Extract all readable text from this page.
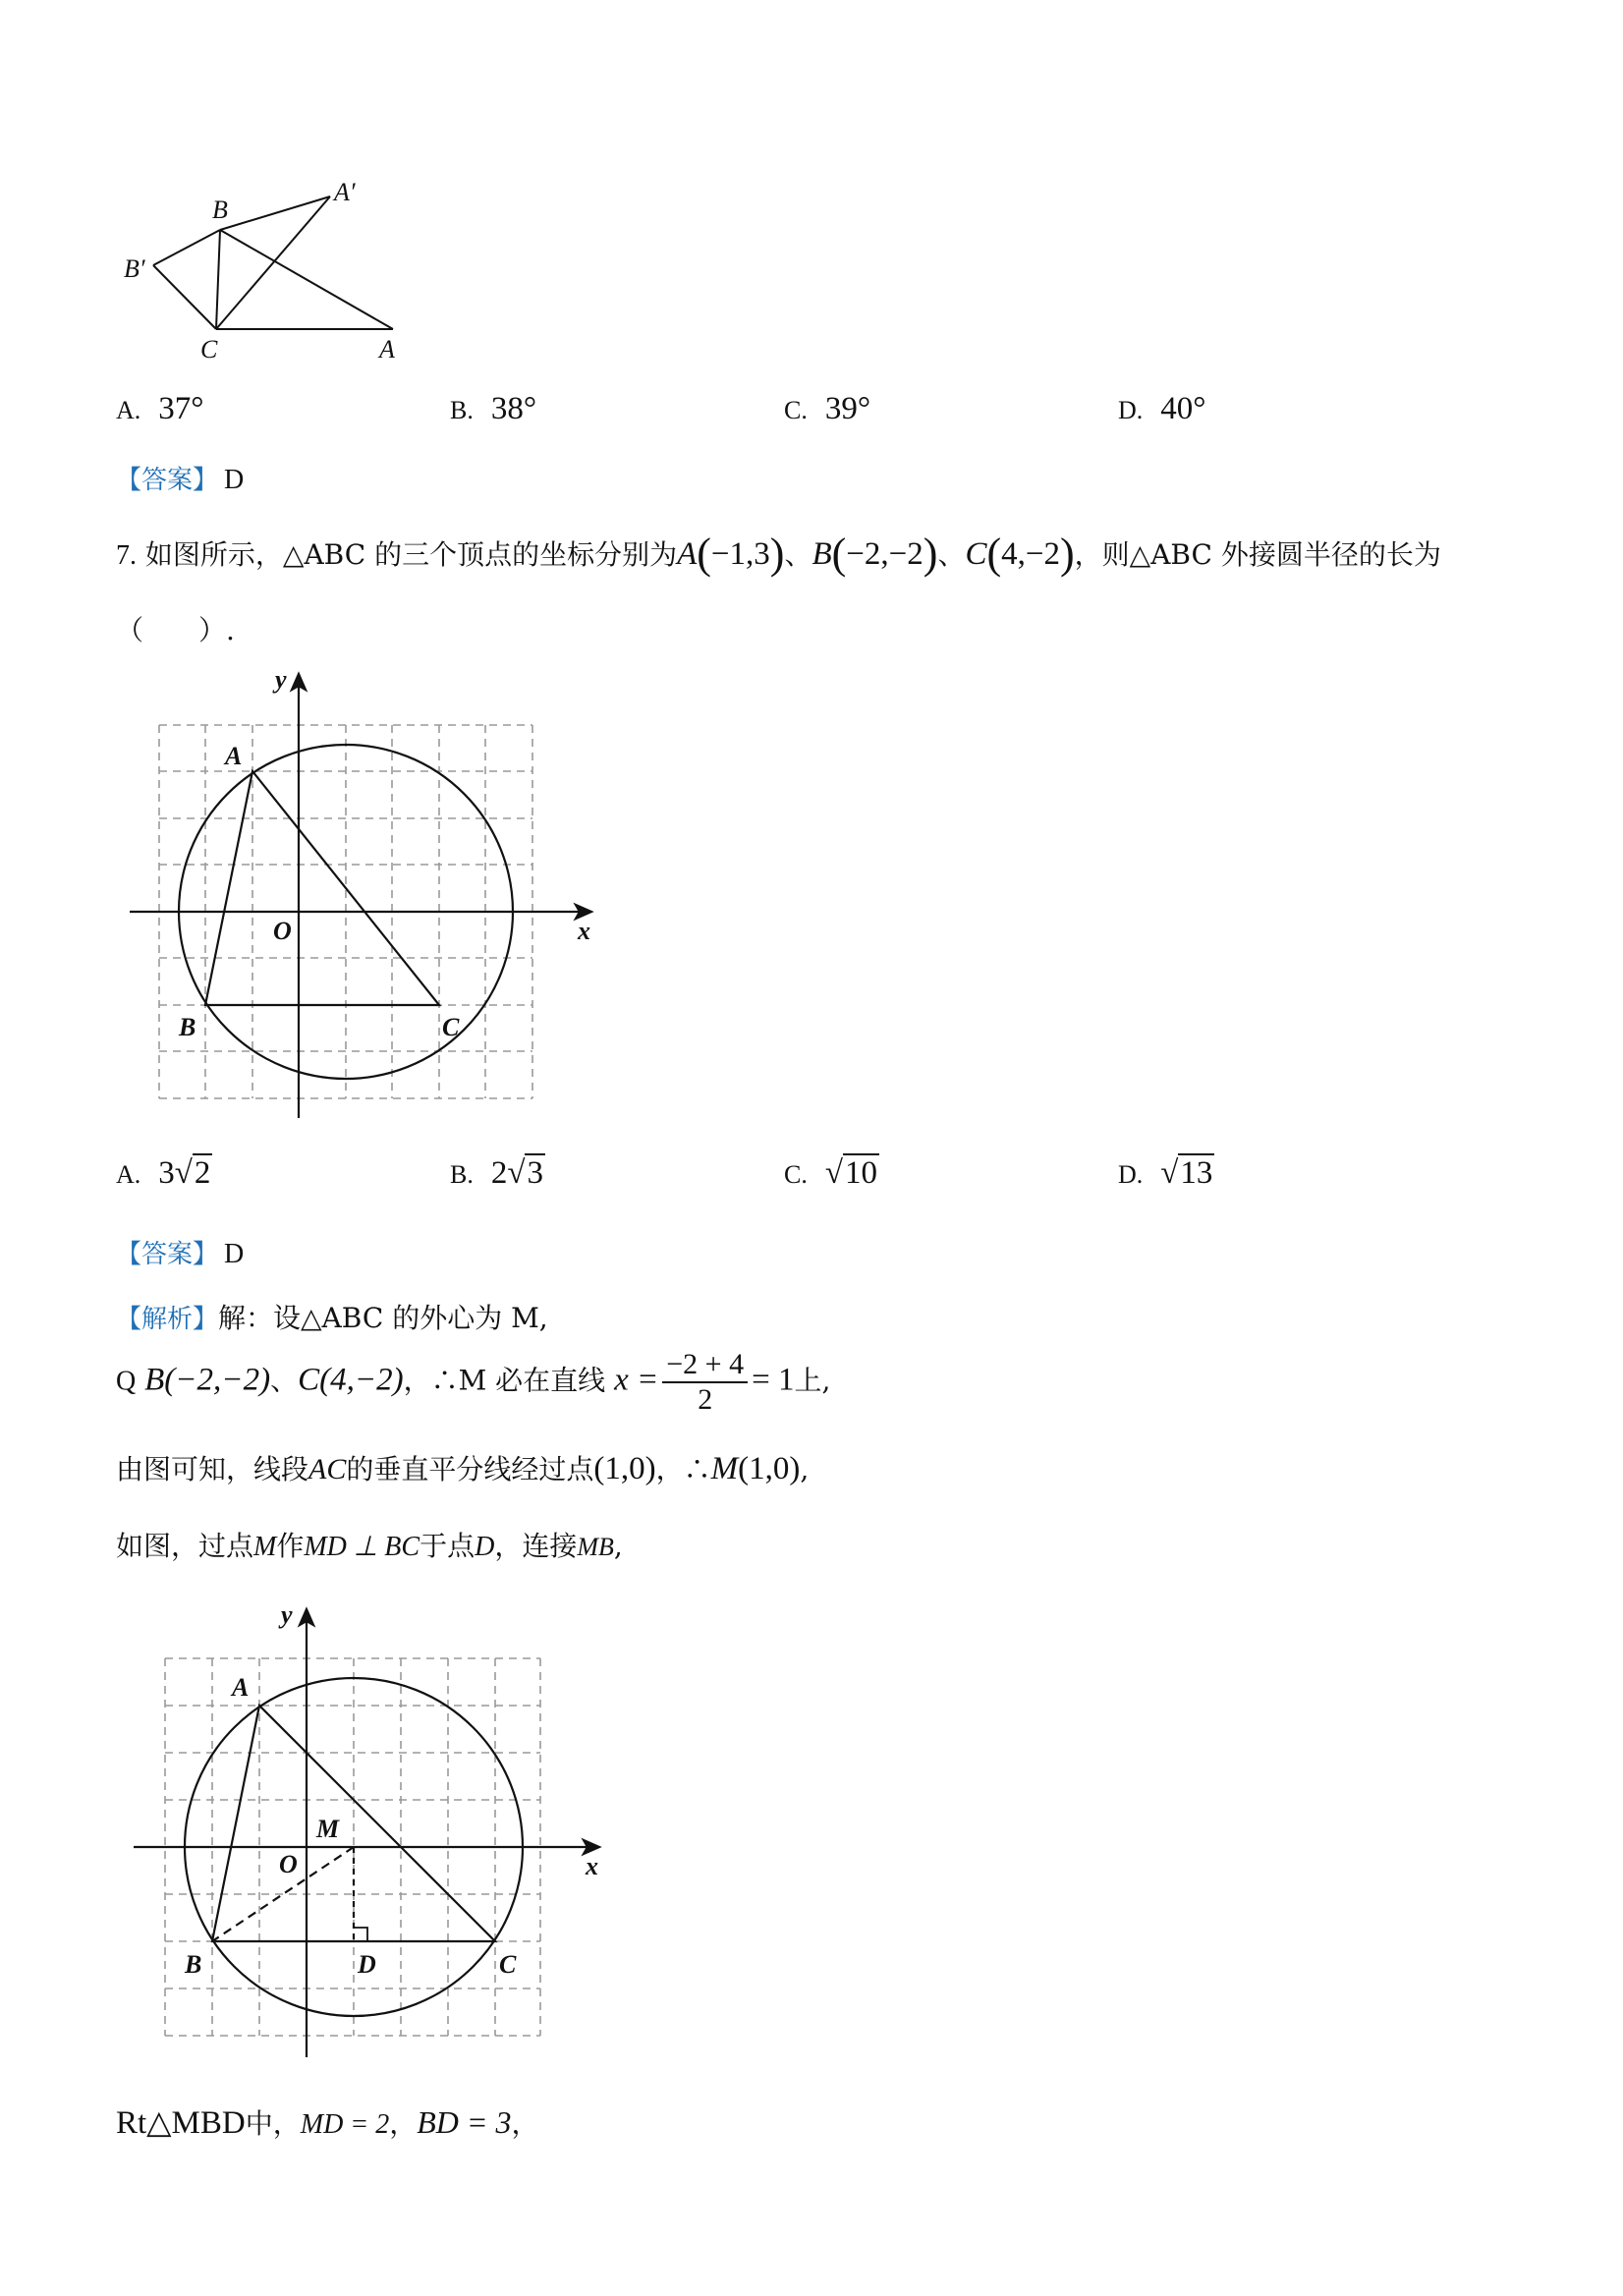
B
A′
B′
C	A
A. 37°	B. 38°	C. 39°	D. 40°
【答案】 D
7. 如图所示，△ABC 的三个顶点的坐标分别为A(−1,3)、B(−2,−2)、C(4,−2)，则△ABC 外接圆半径的长为
（　　）.
y
x
A
O
B	C
A. 3√2	B. 2√3	C. √10	D. √13
【答案】 D
【解析】解：设△ABC 的外心为 M,
Q B(−2,−2)、C(4,−2)，∴M 必在直线 $x = \frac{-2 + 4}{2} = 1$上,
由图可知，线段AC的垂直平分线经过点(1,0)，∴M(1,0),
如图，过点M作MD ⊥ BC于点D，连接MB,
y
x
A
O
M
B	C
D
Rt△MBD中，MD = 2，BD = 3，
